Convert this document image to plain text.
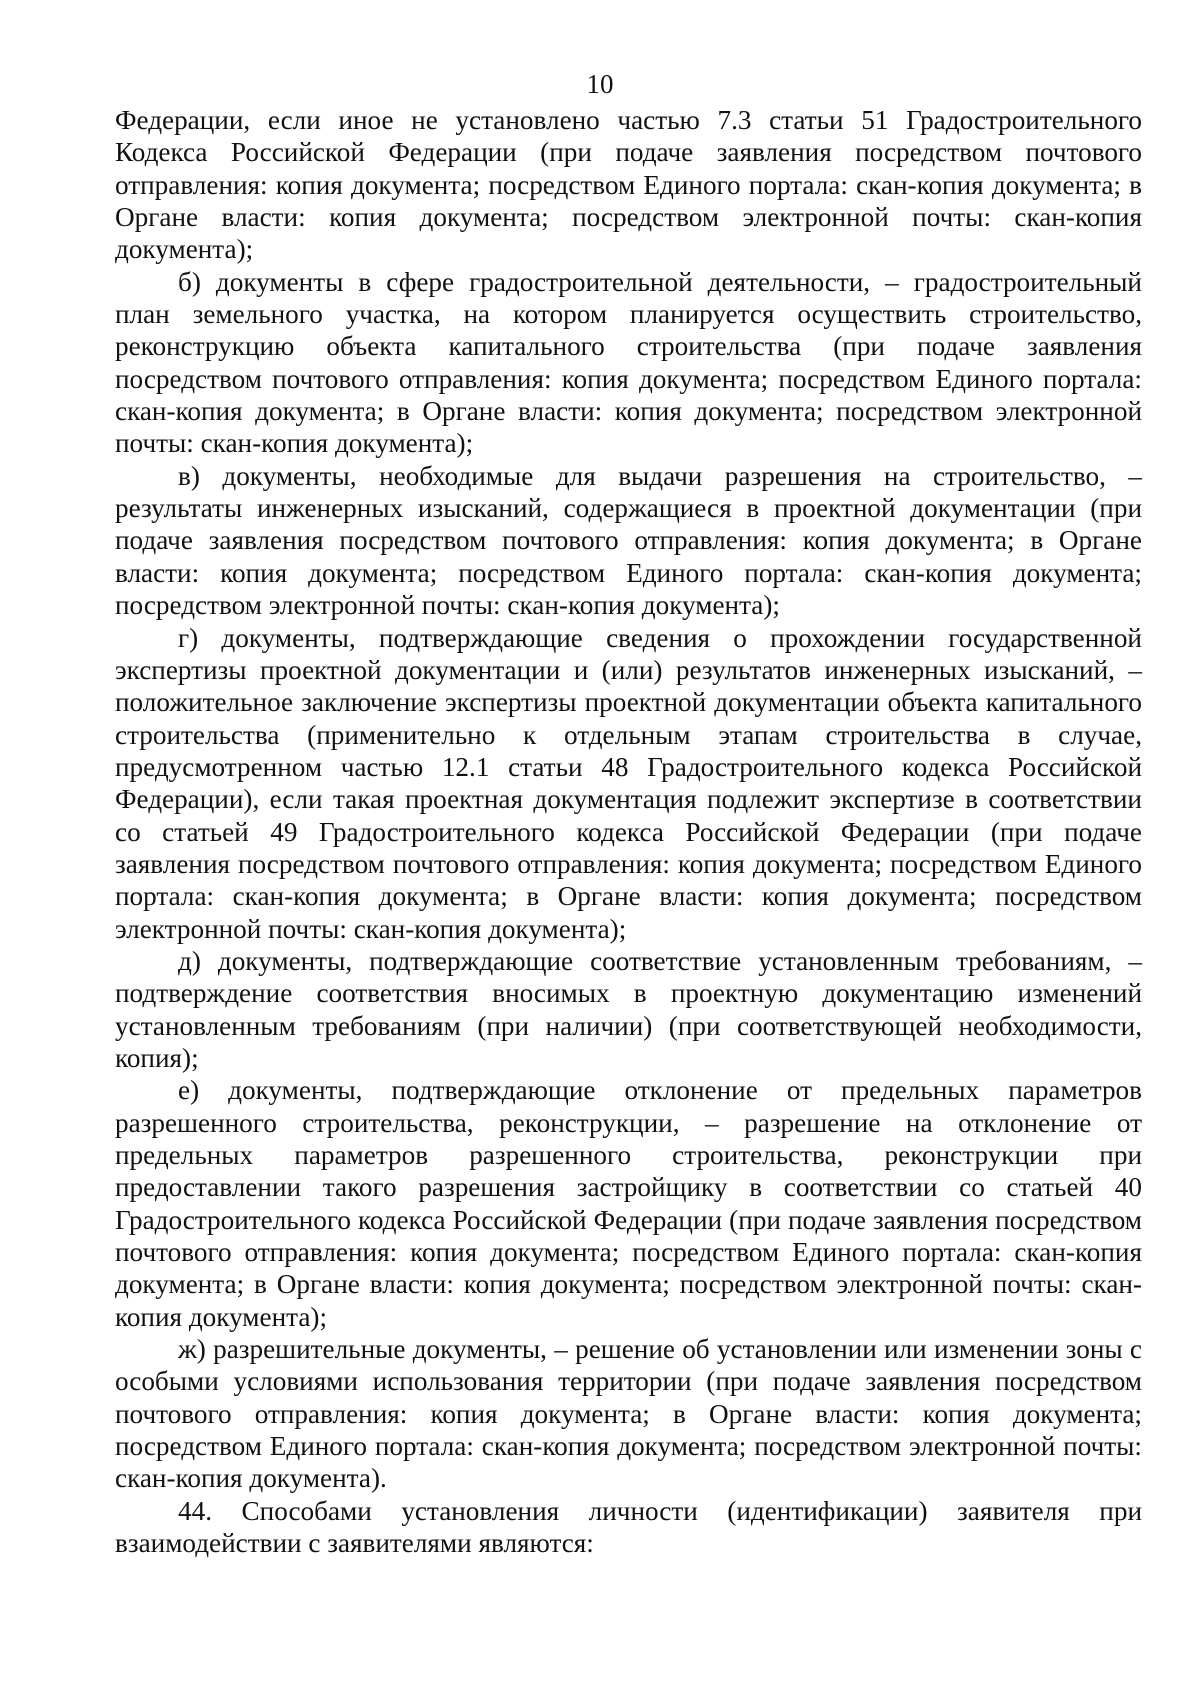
10

Федерации, если иное не установлено частью 7.3 статьи 51 Градостроительного Кодекса Российской Федерации (при подаче заявления посредством почтового отправления: копия документа; посредством Единого портала: скан-копия документа; в Органе власти: копия документа; посредством электронной почты: скан-копия документа);

б) документы в сфере градостроительной деятельности, – градостроительный план земельного участка, на котором планируется осуществить строительство, реконструкцию объекта капитального строительства (при подаче заявления посредством почтового отправления: копия документа; посредством Единого портала: скан-копия документа; в Органе власти: копия документа; посредством электронной почты: скан-копия документа);

в) документы, необходимые для выдачи разрешения на строительство, – результаты инженерных изысканий, содержащиеся в проектной документации (при подаче заявления посредством почтового отправления: копия документа; в Органе власти: копия документа; посредством Единого портала: скан-копия документа; посредством электронной почты: скан-копия документа);

г) документы, подтверждающие сведения о прохождении государственной экспертизы проектной документации и (или) результатов инженерных изысканий, – положительное заключение экспертизы проектной документации объекта капитального строительства (применительно к отдельным этапам строительства в случае, предусмотренном частью 12.1 статьи 48 Градостроительного кодекса Российской Федерации), если такая проектная документация подлежит экспертизе в соответствии со статьей 49 Градостроительного кодекса Российской Федерации (при подаче заявления посредством почтового отправления: копия документа; посредством Единого портала: скан-копия документа; в Органе власти: копия документа; посредством электронной почты: скан-копия документа);

д) документы, подтверждающие соответствие установленным требованиям, – подтверждение соответствия вносимых в проектную документацию изменений установленным требованиям (при наличии) (при соответствующей необходимости, копия);

е) документы, подтверждающие отклонение от предельных параметров разрешенного строительства, реконструкции, – разрешение на отклонение от предельных параметров разрешенного строительства, реконструкции при предоставлении такого разрешения застройщику в соответствии со статьей 40 Градостроительного кодекса Российской Федерации (при подаче заявления посредством почтового отправления: копия документа; посредством Единого портала: скан-копия документа; в Органе власти: копия документа; посредством электронной почты: скан-копия документа);

ж) разрешительные документы, – решение об установлении или изменении зоны с особыми условиями использования территории (при подаче заявления посредством почтового отправления: копия документа; в Органе власти: копия документа; посредством Единого портала: скан-копия документа; посредством электронной почты: скан-копия документа).

44. Способами установления личности (идентификации) заявителя при взаимодействии с заявителями являются:
